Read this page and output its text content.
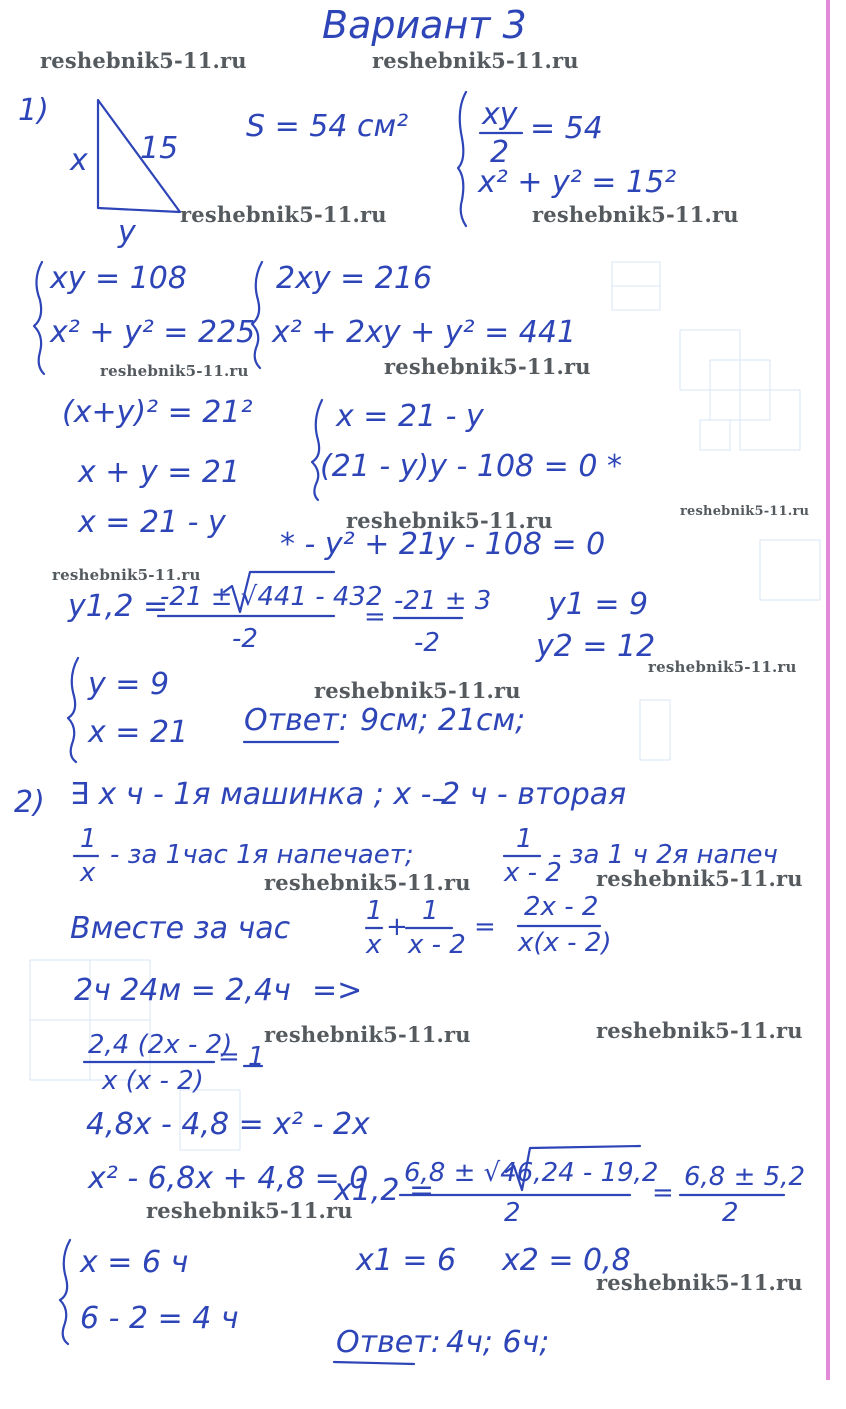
Вариант 3
reshebnik5-11.ru	reshebnik5-11.ru
reshebnik5-11.ru	reshebnik5-11.ru
reshebnik5-11.ru	reshebnik5-11.ru
reshebnik5-11.ru	reshebnik5-11.ru
reshebnik5-11.ru
reshebnik5-11.ru
reshebnik5-11.ru
reshebnik5-11.ru	reshebnik5-11.ru
reshebnik5-11.ru	reshebnik5-11.ru
reshebnik5-11.ru
reshebnik5-11.ru
1)
x 15
y
S = 54 см² xy
2
= 54
x² + y² = 15²
xy = 108
x² + y² = 225
2xy = 216
x² + 2xy + y² = 441
(x+y)² = 21²
x + y = 21
x = 21 - y
x = 21 - y
(21 - y)y - 108 = 0 *
* - y² + 21y - 108 = 0
y1,2 =
-21 ± √441 - 432
-2
=
-21 ± 3
-2
y1 = 9
y2 = 12
y = 9
x = 21 Ответ: 9см; 21см;
2) ∃ x ч - 1я машинка ; x - 2 ч - вторая
1
x
- за 1час 1я напечает;
1
x - 2
- за 1 ч 2я напеч
Вместе за час	1
x
+
1
x - 2
=
2x - 2
x(x - 2)
2ч 24м = 2,4ч =>
2,4 (2x - 2)
x (x - 2)
= 1
4,8x - 4,8 = x² - 2x
x² - 6,8x + 4,8 = 0
x1,2 =
6,8 ± √46,24 - 19,2
2
=
6,8 ± 5,2
2
x1 = 6 x2 = 0,8
x = 6 ч
6 - 2 = 4 ч
Ответ: 4ч; 6ч;
